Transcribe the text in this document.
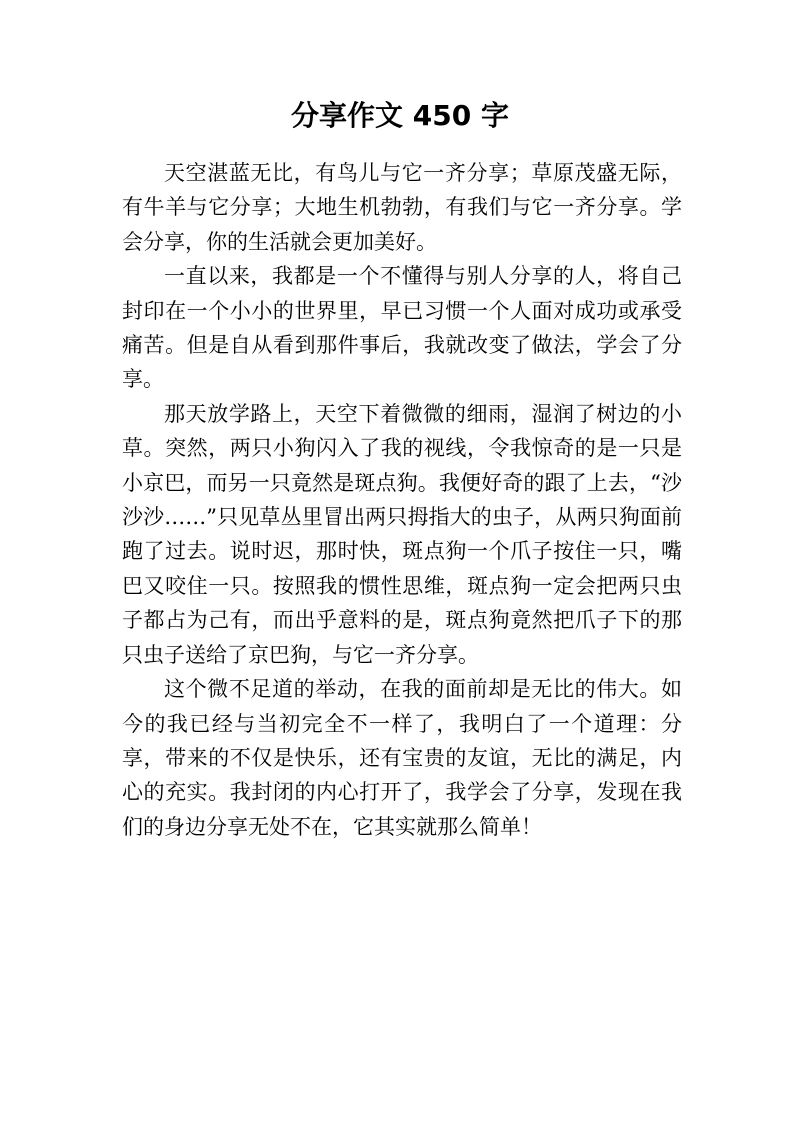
分享作文 450 字

天空湛蓝无比，有鸟儿与它一齐分享；草原茂盛无际，有牛羊与它分享；大地生机勃勃，有我们与它一齐分享。学会分享，你的生活就会更加美好。

一直以来，我都是一个不懂得与别人分享的人，将自己封印在一个小小的世界里，早已习惯一个人面对成功或承受痛苦。但是自从看到那件事后，我就改变了做法，学会了分享。

那天放学路上，天空下着微微的细雨，湿润了树边的小草。突然，两只小狗闪入了我的视线，令我惊奇的是一只是小京巴，而另一只竟然是斑点狗。我便好奇的跟了上去，“沙沙沙……”只见草丛里冒出两只拇指大的虫子，从两只狗面前跑了过去。说时迟，那时快，斑点狗一个爪子按住一只，嘴巴又咬住一只。按照我的惯性思维，斑点狗一定会把两只虫子都占为己有，而出乎意料的是，斑点狗竟然把爪子下的那只虫子送给了京巴狗，与它一齐分享。

这个微不足道的举动，在我的面前却是无比的伟大。如今的我已经与当初完全不一样了，我明白了一个道理：分享，带来的不仅是快乐，还有宝贵的友谊，无比的满足，内心的充实。我封闭的内心打开了，我学会了分享，发现在我们的身边分享无处不在，它其实就那么简单！
